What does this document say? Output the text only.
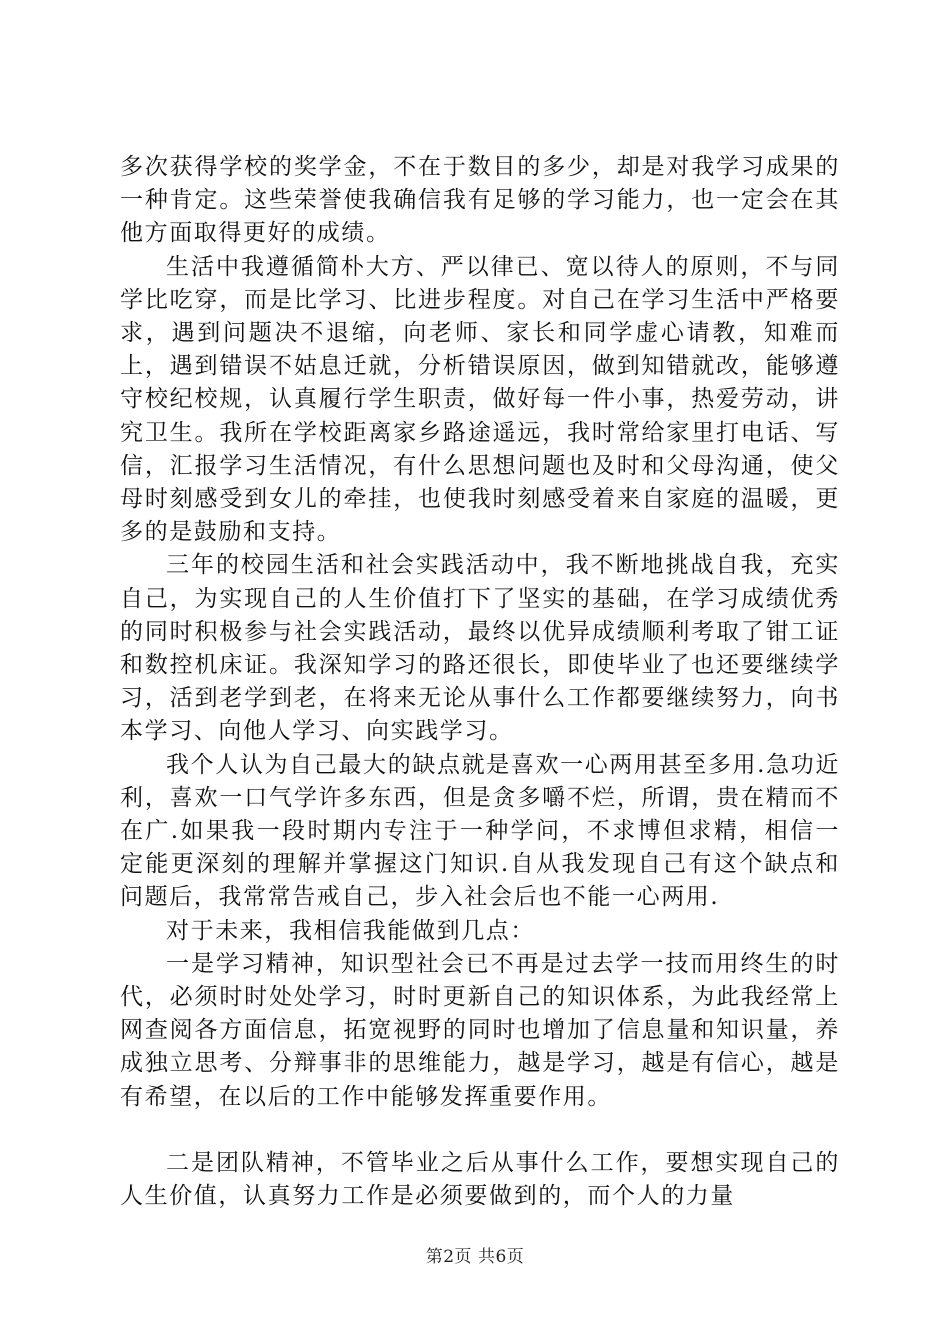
多次获得学校的奖学金，不在于数目的多少，却是对我学习成果的一种肯定。这些荣誉使我确信我有足够的学习能力，也一定会在其他方面取得更好的成绩。

生活中我遵循简朴大方、严以律已、宽以待人的原则，不与同学比吃穿，而是比学习、比进步程度。对自己在学习生活中严格要求，遇到问题决不退缩，向老师、家长和同学虚心请教，知难而上，遇到错误不姑息迁就，分析错误原因，做到知错就改，能够遵守校纪校规，认真履行学生职责，做好每一件小事，热爱劳动，讲究卫生。我所在学校距离家乡路途遥远，我时常给家里打电话、写信，汇报学习生活情况，有什么思想问题也及时和父母沟通，使父母时刻感受到女儿的牵挂，也使我时刻感受着来自家庭的温暖，更多的是鼓励和支持。

三年的校园生活和社会实践活动中，我不断地挑战自我，充实自己，为实现自己的人生价值打下了坚实的基础，在学习成绩优秀的同时积极参与社会实践活动，最终以优异成绩顺利考取了钳工证和数控机床证。我深知学习的路还很长，即使毕业了也还要继续学习，活到老学到老，在将来无论从事什么工作都要继续努力，向书本学习、向他人学习、向实践学习。

我个人认为自己最大的缺点就是喜欢一心两用甚至多用.急功近利，喜欢一口气学许多东西，但是贪多嚼不烂，所谓，贵在精而不在广.如果我一段时期内专注于一种学问，不求博但求精，相信一定能更深刻的理解并掌握这门知识.自从我发现自己有这个缺点和问题后，我常常告戒自己，步入社会后也不能一心两用.

对于未来，我相信我能做到几点：

一是学习精神，知识型社会已不再是过去学一技而用终生的时代，必须时时处处学习，时时更新自己的知识体系，为此我经常上网查阅各方面信息，拓宽视野的同时也增加了信息量和知识量，养成独立思考、分辩事非的思维能力，越是学习，越是有信心，越是有希望，在以后的工作中能够发挥重要作用。

二是团队精神，不管毕业之后从事什么工作，要想实现自己的人生价值，认真努力工作是必须要做到的，而个人的力量

第2页 共6页
